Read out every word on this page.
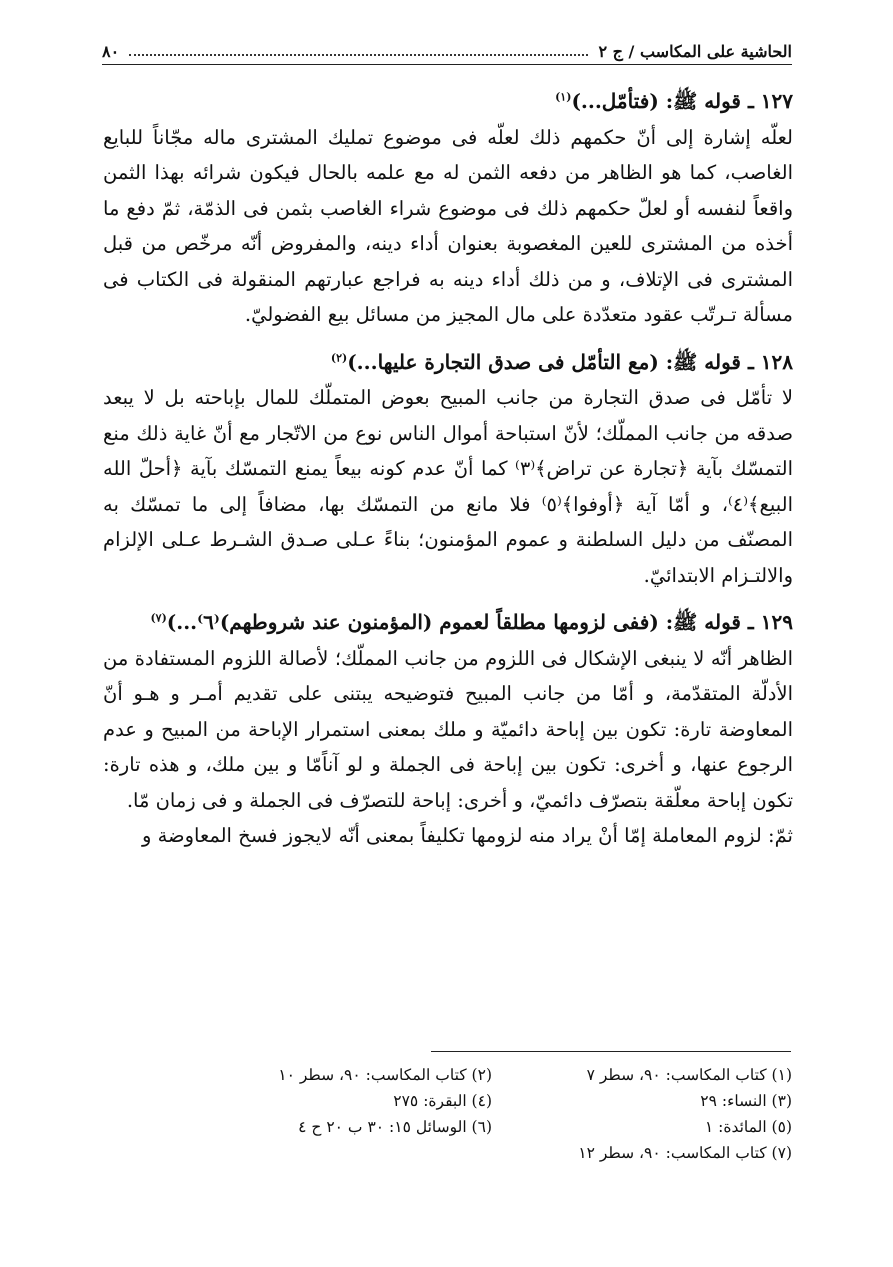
الحاشية على المكاسب / ج ٢
٨٠

١٢٧ ـ قوله ﷺ: (فتأمّل...)$^{(١)}$

لعلّه إشارة إلى أنّ حكمهم ذلك لعلّه فى موضوع تمليك المشترى ماله مجّاناً للبايع الغاصب، كما هو الظاهر من دفعه الثمن له مع علمه بالحال فيكون شرائه بهذا الثمن واقعاً لنفسه أو لعلّ حكمهم ذلك فى موضوع شراء الغاصب بثمن فى الذمّة، ثمّ دفع ما أخذه من المشترى للعين المغصوبة بعنوان أداء دينه، والمفروض أنّه مرخّص من قبل المشترى فى الإتلاف، و من ذلك أداء دينه به فراجع عبارتهم المنقولة فى الكتاب فى مسألة تـرتّب عقود متعدّدة على مال المجيز من مسائل بيع الفضوليّ.

١٢٨ ـ قوله ﷺ: (مع التأمّل فى صدق التجارة عليها...)$^{(٢)}$

لا تأمّل فى صدق التجارة من جانب المبيح بعوض المتملّك للمال بإباحته بل لا يبعد صدقه من جانب المملّك؛ لأنّ استباحة أموال الناس نوع من الاتّجار مع أنّ غاية ذلك منع التمسّك بآية ﴿تجارة عن تراض﴾⁽٣⁾ كما أنّ عدم كونه بيعاً يمنع التمسّك بآية ﴿أحلّ الله البيع﴾⁽٤⁾، و أمّا آية ﴿أوفوا﴾⁽٥⁾ فلا مانع من التمسّك بها، مضافاً إلى ما تمسّك به المصنّف من دليل السلطنة و عموم المؤمنون؛ بناءً عـلى صـدق الشـرط عـلى الإلزام والالتـزام الابتدائيّ.

١٢٩ ـ قوله ﷺ: (ففى لزومها مطلقاً لعموم (المؤمنون عند شروطهم)⁽٦⁾...)$^{(٧)}$

الظاهر أنّه لا ينبغى الإشكال فى اللزوم من جانب المملّك؛ لأصالة اللزوم المستفادة من الأدلّة المتقدّمة، و أمّا من جانب المبيح فتوضيحه يبتنى على تقديم أمـر و هـو أنّ المعاوضة تارة: تكون بين إباحة دائميّة و ملك بمعنى استمرار الإباحة من المبيح و عدم الرجوع عنها، و أخرى: تكون بين إباحة فى الجملة و لو آناًمّا و بين ملك، و هذه تارة: تكون إباحة معلّقة بتصرّف دائميّ، و أخرى: إباحة للتصرّف فى الجملة و فى زمان مّا.

ثمّ: لزوم المعاملة إمّا أنْ يراد منه لزومها تكليفاً بمعنى أنّه لايجوز فسخ المعاوضة و

(١) كتاب المكاسب: ٩٠، سطر ٧
(٢) كتاب المكاسب: ٩٠، سطر ١٠
(٣) النساء: ٢٩
(٤) البقرة: ٢٧٥
(٥) المائدة: ١
(٦) الوسائل ١٥: ٣٠ ب ٢٠ ح ٤
(٧) كتاب المكاسب: ٩٠، سطر ١٢
